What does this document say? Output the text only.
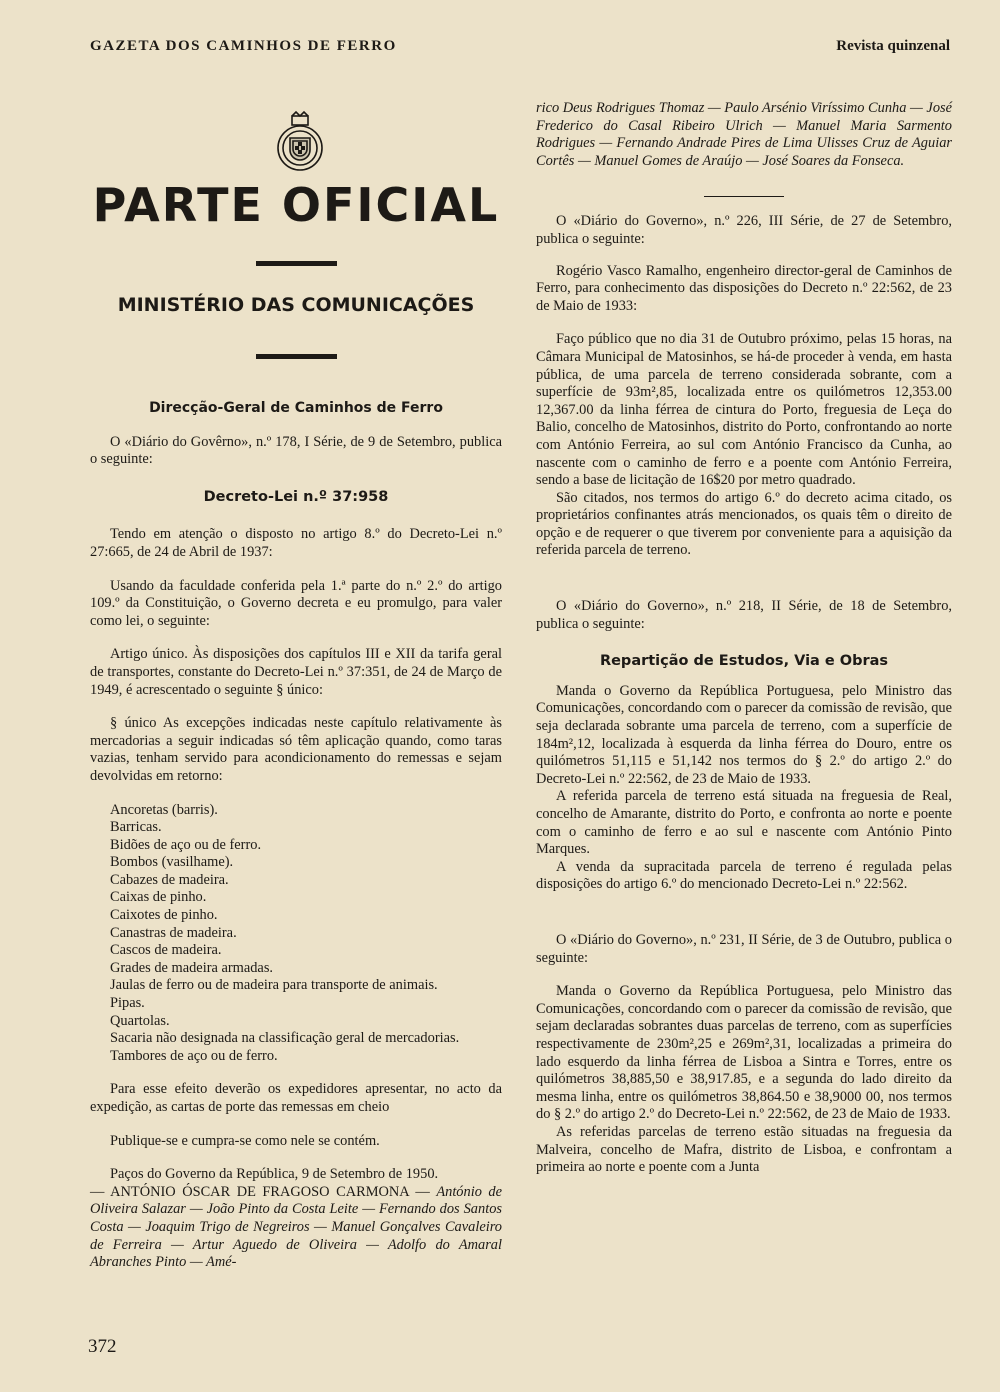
GAZETA DOS CAMINHOS DE FERRO	Revista quinzenal
PARTE OFICIAL
MINISTÉRIO DAS COMUNICAÇÕES

Direcção-Geral de Caminhos de Ferro

O «Diário do Govêrno», n.º 178, I Série, de 9 de Setembro, publica o seguinte:

Decreto-Lei n.º 37:958

Tendo em atenção o disposto no artigo 8.º do Decreto-Lei n.º 27:665, de 24 de Abril de 1937:

Usando da faculdade conferida pela 1.ª parte do n.º 2.º do artigo 109.º da Constituição, o Governo decreta e eu promulgo, para valer como lei, o seguinte:

Artigo único. Às disposições dos capítulos III e XII da tarifa geral de transportes, constante do Decreto-Lei n.º 37:351, de 24 de Março de 1949, é acrescentado o seguinte § único:

§ único As excepções indicadas neste capítulo relativamente às mercadorias a seguir indicadas só têm aplicação quando, como taras vazias, tenham servido para acondicionamento do remessas e sejam devolvidas em retorno:

Ancoretas (barris).

Barricas.

Bidões de aço ou de ferro.

Bombos (vasilhame).

Cabazes de madeira.

Caixas de pinho.

Caixotes de pinho.

Canastras de madeira.

Cascos de madeira.

Grades de madeira armadas.

Jaulas de ferro ou de madeira para transporte de animais.

Pipas.

Quartolas.

Sacaria não designada na classificação geral de mercadorias.

Tambores de aço ou de ferro.

Para esse efeito deverão os expedidores apresentar, no acto da expedição, as cartas de porte das remessas em cheio

Publique-se e cumpra-se como nele se contém.

Paços do Governo da República, 9 de Setembro de 1950.

— ANTÓNIO ÓSCAR DE FRAGOSO CARMONA — António de Oliveira Salazar — João Pinto da Costa Leite — Fernando dos Santos Costa — Joaquim Trigo de Negreiros — Manuel Gonçalves Cavaleiro de Ferreira — Artur Aguedo de Oliveira — Adolfo do Amaral Abranches Pinto — Amé-

rico Deus Rodrigues Thomaz — Paulo Arsénio Viríssimo Cunha — José Frederico do Casal Ribeiro Ulrich — Manuel Maria Sarmento Rodrigues — Fernando Andrade Pires de Lima Ulisses Cruz de Aguiar Cortês — Manuel Gomes de Araújo — José Soares da Fonseca.

O «Diário do Governo», n.º 226, III Série, de 27 de Setembro, publica o seguinte:

Rogério Vasco Ramalho, engenheiro director-geral de Caminhos de Ferro, para conhecimento das disposições do Decreto n.º 22:562, de 23 de Maio de 1933:

Faço público que no dia 31 de Outubro próximo, pelas 15 horas, na Câmara Municipal de Matosinhos, se há-de proceder à venda, em hasta pública, de uma parcela de terreno considerada sobrante, com a superfície de 93m²,85, localizada entre os quilómetros 12,353.00 12,367.00 da linha férrea de cintura do Porto, freguesia de Leça do Balio, concelho de Matosinhos, distrito do Porto, confrontando ao norte com António Ferreira, ao sul com António Francisco da Cunha, ao nascente com o caminho de ferro e a poente com António Ferreira, sendo a base de licitação de 16$20 por metro quadrado.

São citados, nos termos do artigo 6.º do decreto acima citado, os proprietários confinantes atrás mencionados, os quais têm o direito de opção e de requerer o que tiverem por conveniente para a aquisição da referida parcela de terreno.

O «Diário do Governo», n.º 218, II Série, de 18 de Setembro, publica o seguinte:

Repartição de Estudos, Via e Obras

Manda o Governo da República Portuguesa, pelo Ministro das Comunicações, concordando com o parecer da comissão de revisão, que seja declarada sobrante uma parcela de terreno, com a superfície de 184m²,12, localizada à esquerda da linha férrea do Douro, entre os quilómetros 51,115 e 51,142 nos termos do § 2.º do artigo 2.º do Decreto-Lei n.º 22:562, de 23 de Maio de 1933.

A referida parcela de terreno está situada na freguesia de Real, concelho de Amarante, distrito do Porto, e confronta ao norte e poente com o caminho de ferro e ao sul e nascente com António Pinto Marques.

A venda da supracitada parcela de terreno é regulada pelas disposições do artigo 6.º do mencionado Decreto-Lei n.º 22:562.

O «Diário do Governo», n.º 231, II Série, de 3 de Outubro, publica o seguinte:

Manda o Governo da República Portuguesa, pelo Ministro das Comunicações, concordando com o parecer da comissão de revisão, que sejam declaradas sobrantes duas parcelas de terreno, com as superfícies respectivamente de 230m²,25 e 269m²,31, localizadas a primeira do lado esquerdo da linha férrea de Lisboa a Sintra e Torres, entre os quilómetros 38,885,50 e 38,917.85, e a segunda do lado direito da mesma linha, entre os quilómetros 38,864.50 e 38,9000 00, nos termos do § 2.º do artigo 2.º do Decreto-Lei n.º 22:562, de 23 de Maio de 1933.

As referidas parcelas de terreno estão situadas na freguesia da Malveira, concelho de Mafra, distrito de Lisboa, e confrontam a primeira ao norte e poente com a Junta

372
